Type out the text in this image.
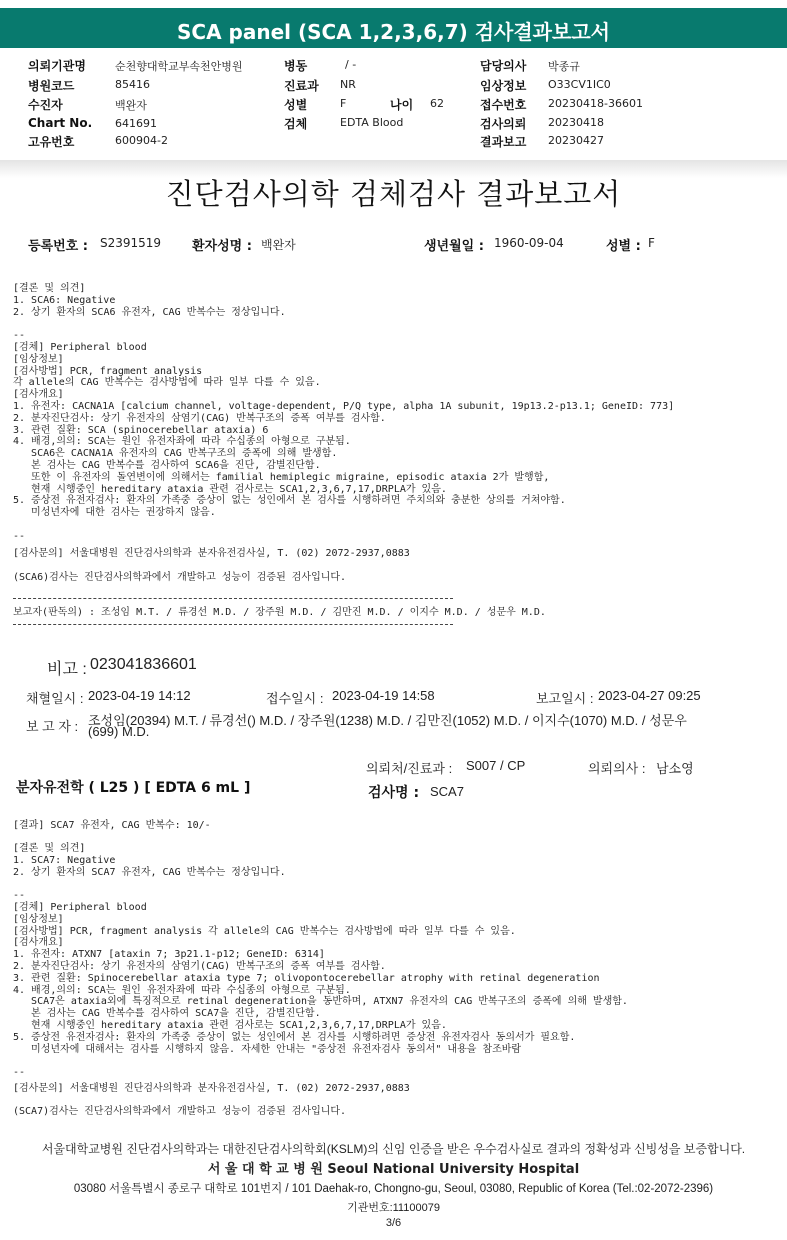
SCA panel (SCA 1,2,3,6,7) 검사결과보고서
의뢰기관명	순천향대학교부속천안병원
병원코드	85416
수진자	백완자
Chart No. 641691
고유번호	600904-2
병동	/ -
진료과 NR
성별	F	나이 62
검체	EDTA Blood
담당의사 박종규
임상정보 O33CV1IC0
접수번호 20230418-36601
검사의뢰 20230418
결과보고 20230427
진단검사의학 검체검사 결과보고서
등록번호 : S2391519 환자성명 : 백완자	생년월일 : 1960-09-04	성별 : F
[결론 및 의견]
1. SCA6: Negative
2. 상기 환자의 SCA6 유전자, CAG 반복수는 정상입니다.

--
[검체] Peripheral blood
[임상정보]
[검사방법] PCR, fragment analysis
각 allele의 CAG 반복수는 검사방법에 따라 일부 다를 수 있음.
[검사개요]
1. 유전자: CACNA1A [calcium channel, voltage-dependent, P/Q type, alpha 1A subunit, 19p13.2-p13.1; GeneID: 773]
2. 분자진단검사: 상기 유전자의 삼염기(CAG) 반복구조의 증폭 여부를 검사함.
3. 관련 질환: SCA (spinocerebellar ataxia) 6
4. 배경,의의: SCA는 원인 유전자좌에 따라 수십종의 아형으로 구분됨.
SCA6은 CACNA1A 유전자의 CAG 반복구조의 증폭에 의해 발생함.
본 검사는 CAG 반복수를 검사하여 SCA6을 진단, 감별진단함.
또한 이 유전자의 돌연변이에 의해서는 familial hemiplegic migraine, episodic ataxia 2가 발행함,
현재 시행중인 hereditary ataxia 관련 검사로는 SCA1,2,3,6,7,17,DRPLA가 있음.
5. 증상전 유전자검사: 환자의 가족중 증상이 없는 성인에서 본 검사를 시행하려면 주치의와 충분한 상의를 거쳐야함.
미성년자에 대한 검사는 권장하지 않음.

--
[검사문의] 서울대병원 진단검사의학과 분자유전검사실, T. (02) 2072-2937,0883
(SCA6)검사는 진단검사의학과에서 개발하고 성능이 검증된 검사입니다.
보고자(판독의) : 조성임 M.T. / 류경선 M.D. / 장주원 M.D. / 김만진 M.D. / 이지수 M.D. / 성문우 M.D.
비고 : 023041836601
채혈일시 : 2023-04-19 14:12	접수일시 : 2023-04-19 14:58	보고일시 : 2023-04-27 09:25
보 고 자 : 조성임(20394) M.T. / 류경선() M.D. / 장주원(1238) M.D. / 김만진(1052) M.D. / 이지수(1070) M.D. / 성문우
(699) M.D.
의뢰처/진료과 : S007 / CP	의뢰의사 : 남소영
분자유전학 ( L25 ) [ EDTA 6 mL ]	검사명 : SCA7
[결과] SCA7 유전자, CAG 반복수: 10/-
[결론 및 의견]
1. SCA7: Negative
2. 상기 환자의 SCA7 유전자, CAG 반복수는 정상입니다.

--
[검체] Peripheral blood
[임상정보]
[검사방법] PCR, fragment analysis 각 allele의 CAG 반복수는 검사방법에 따라 일부 다를 수 있음.
[검사개요]
1. 유전자: ATXN7 [ataxin 7; 3p21.1-p12; GeneID: 6314]
2. 분자진단검사: 상기 유전자의 삼염기(CAG) 반복구조의 증폭 여부를 검사함.
3. 관련 질환: Spinocerebellar ataxia type 7; olivopontocerebellar atrophy with retinal degeneration
4. 배경,의의: SCA는 원인 유전자좌에 따라 수십종의 아형으로 구분됨.
SCA7은 ataxia외에 특징적으로 retinal degeneration을 동반하며, ATXN7 유전자의 CAG 반복구조의 증폭에 의해 발생함.
본 검사는 CAG 반복수를 검사하여 SCA7을 진단, 감별진단함.
현재 시행중인 hereditary ataxia 관련 검사로는 SCA1,2,3,6,7,17,DRPLA가 있음.
5. 증상전 유전자검사: 환자의 가족중 증상이 없는 성인에서 본 검사를 시행하려면 증상전 유전자검사 동의서가 필요함.
미성년자에 대해서는 검사를 시행하지 않음. 자세한 안내는 "증상전 유전자검사 동의서" 내용을 참조바람

--
[검사문의] 서울대병원 진단검사의학과 분자유전검사실, T. (02) 2072-2937,0883
(SCA7)검사는 진단검사의학과에서 개발하고 성능이 검증된 검사입니다.
서울대학교병원 진단검사의학과는 대한진단검사의학회(KSLM)의 신임 인증을 받은 우수검사실로 결과의 정확성과 신빙성을 보증합니다.
서 울 대 학 교 병 원 Seoul National University Hospital
03080 서울특별시 종로구 대학로 101번지 / 101 Daehak-ro, Chongno-gu, Seoul, 03080, Republic of Korea (Tel.:02-2072-2396)
기관번호:11100079
3/6
